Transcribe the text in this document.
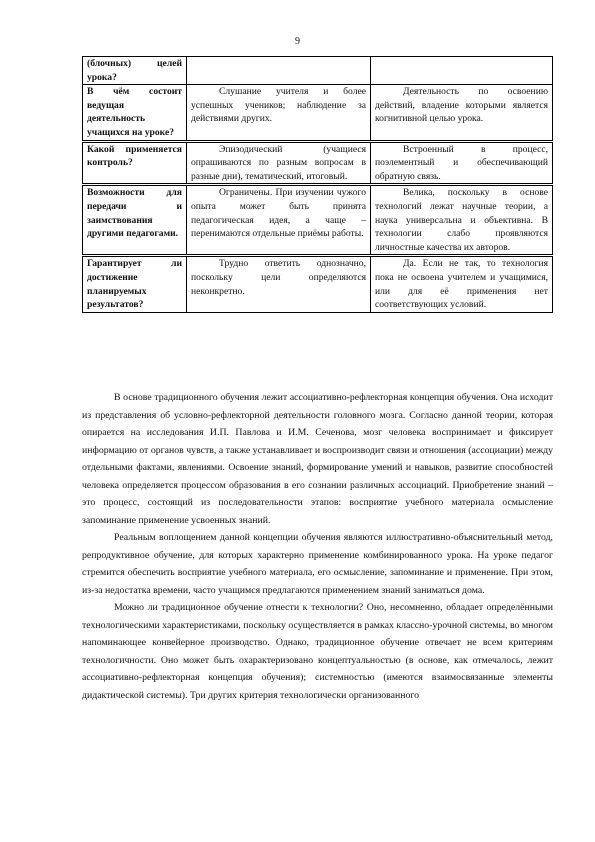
9
(блочных) целей урока?		
В чём состоит ведущая деятельность учащихся на уроке?	Слушание учителя и более успешных учеников; наблюдение за действиями других.	Деятельность по освоению действий, владение которыми является когнитивной целью урока.
Какой применяется контроль?	Эпизодический (учащиеся опрашиваются по разным вопросам в разные дни), тематический, итоговый.	Встроенный в процесс, поэлементный и обеспечивающий обратную связь.
Возможности для передачи и заимствования другими педагогами.	Ограничены. При изучении чужого опыта может быть принята педагогическая идея, а чаще – перенимаются отдельные приёмы работы.	Велика, поскольку в основе технологий лежат научные теории, а наука универсальна и объективна. В технологии слабо проявляются личностные качества их авторов.
Гарантирует ли достижение планируемых результатов?	Трудно ответить однозначно, поскольку цели определяются неконкретно.	Да. Если не так, то технология пока не освоена учителем и учащимися, или для её применения нет соответствующих условий.

В основе традиционного обучения лежит ассоциативно-рефлекторная концепция обучения. Она исходит из представления об условно-рефлекторной деятельности головного мозга. Согласно данной теории, которая опирается на исследования И.П. Павлова и И.М. Сеченова, мозг человека воспринимает и фиксирует информацию от органов чувств, а также устанавливает и воспроизводит связи и отношения (ассоциации) между отдельными фактами, явлениями. Освоение знаний, формирование умений и навыков, развитие способностей человека определяется процессом образования в его сознании различных ассоциаций. Приобретение знаний – это процесс, состоящий из последовательности этапов: восприятие учебного материала осмысление запоминание применение усвоенных знаний.

Реальным воплощением данной концепции обучения являются иллюстративно-объяснительный метод, репродуктивное обучение, для которых характерно применение комбинированного урока. На уроке педагог стремится обеспечить восприятие учебного материала, его осмысление, запоминание и применение. При этом, из-за недостатка времени, часто учащимся предлагаются применением знаний заниматься дома.

Можно ли традиционное обучение отнести к технологии? Оно, несомненно, обладает определёнными технологическими характеристиками, поскольку осуществляется в рамках классно-урочной системы, во многом напоминающее конвейерное производство. Однако, традиционное обучение отвечает не всем критериям технологичности. Оно может быть охарактеризовано концептуальностью (в основе, как отмечалось, лежит ассоциативно-рефлекторная концепция обучения); системностью (имеются взаимосвязанные элементы дидактической системы). Три других критерия технологически организованного
